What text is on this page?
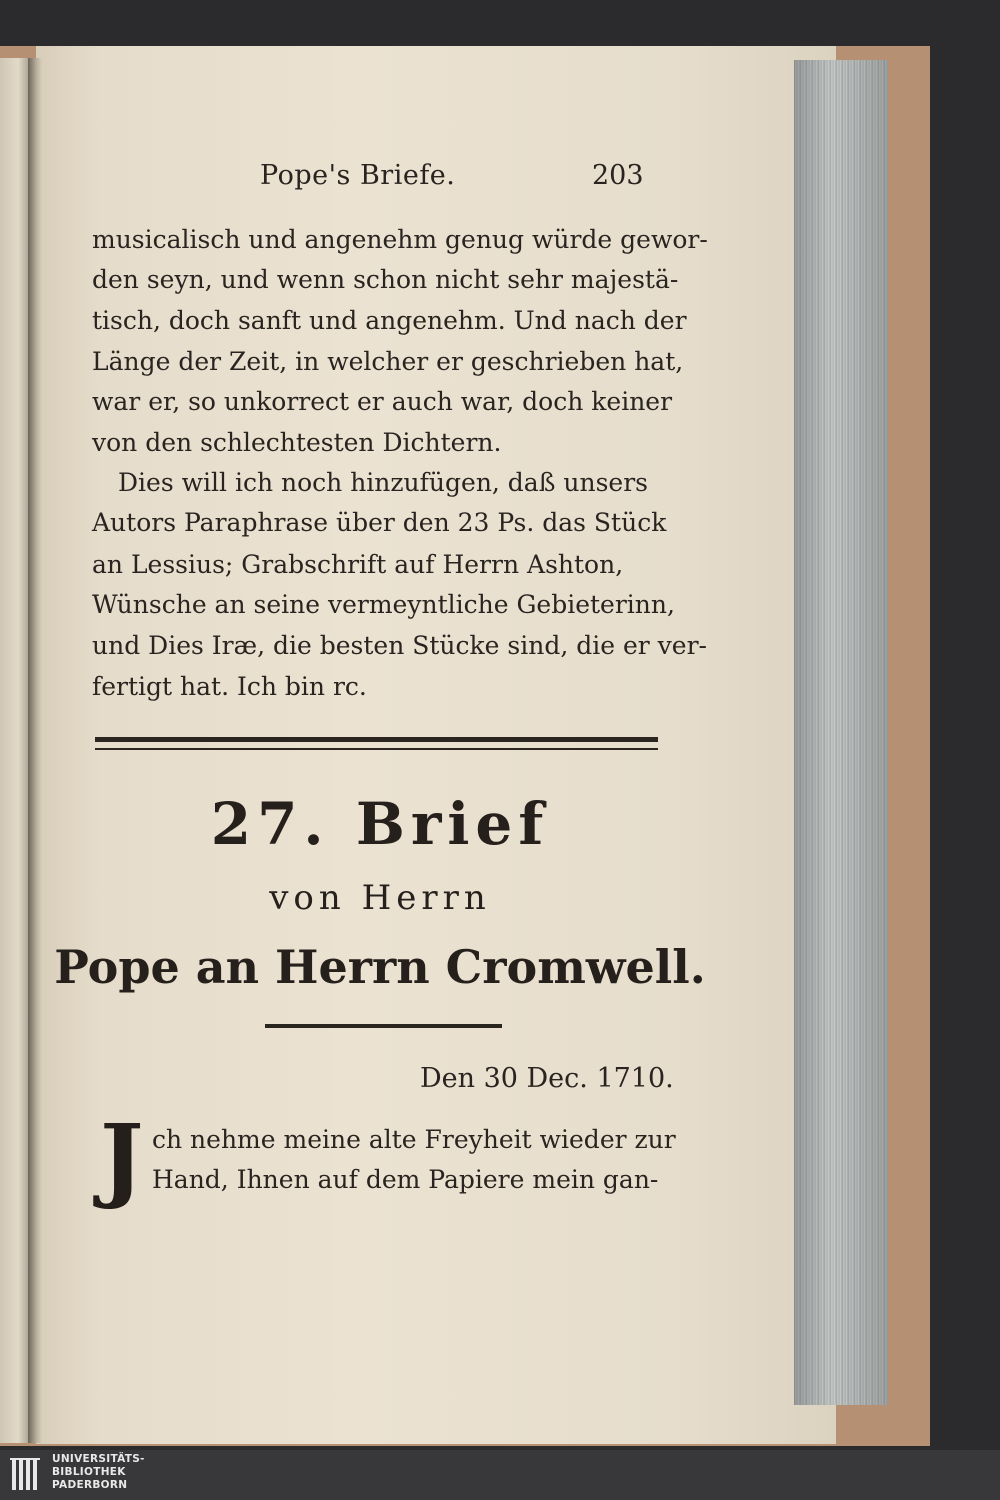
Pope's Briefe.	203
musicalisch und angenehm genug würde gewor-
den seyn, und wenn schon nicht sehr majestä-
tisch, doch sanft und angenehm. Und nach der
Länge der Zeit, in welcher er geschrieben hat,
war er, so unkorrect er auch war, doch keiner
von den schlechtesten Dichtern.
Dies will ich noch hinzufügen, daß unsers
Autors Paraphrase über den 23 Ps. das Stück
an Lessius; Grabschrift auf Herrn Ashton,
Wünsche an seine vermeyntliche Gebieterinn,
und Dies Iræ, die besten Stücke sind, die er ver-
fertigt hat. Ich bin rc.
27. Brief
von Herrn
Pope an Herrn Cromwell.
Den 30 Dec. 1710.
J ch nehme meine alte Freyheit wieder zur
Hand, Ihnen auf dem Papiere mein gan-
UNIVERSITÄTS-
BIBLIOTHEK
PADERBORN
